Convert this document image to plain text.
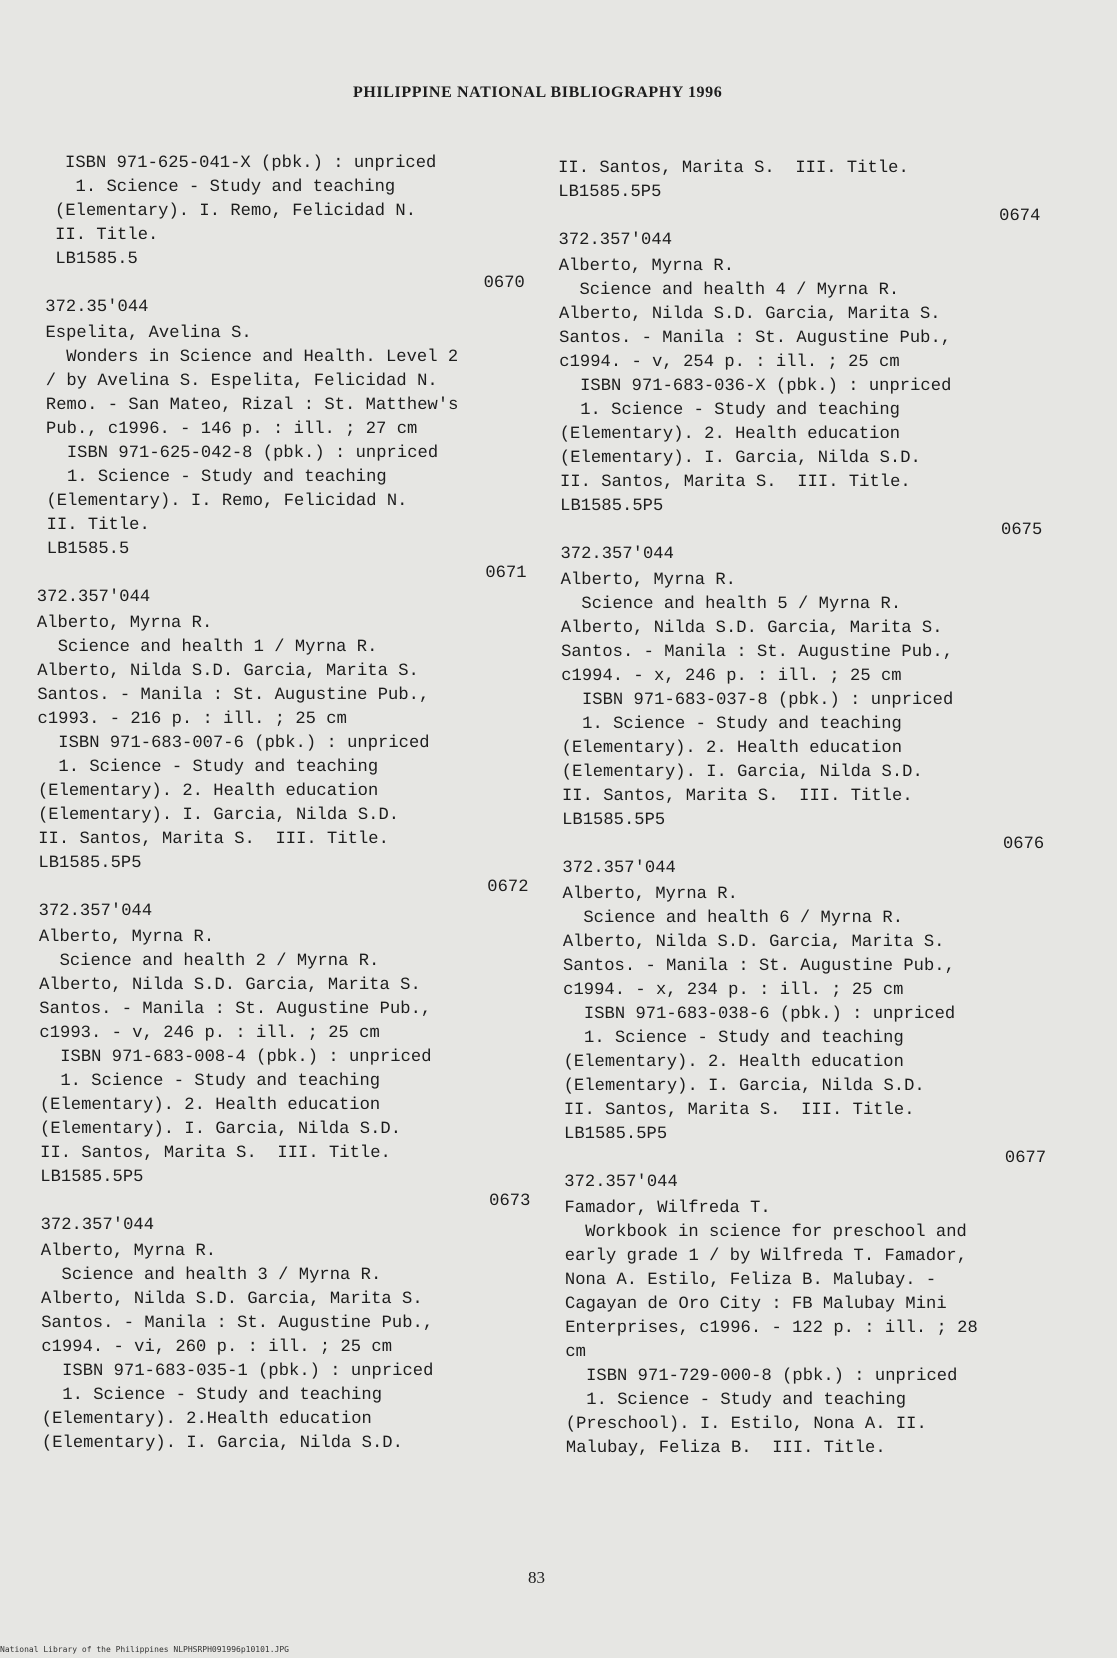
PHILIPPINE NATIONAL BIBLIOGRAPHY 1996
ISBN 971-625-041-X (pbk.) : unpriced
1. Science - Study and teaching
(Elementary). I. Remo, Felicidad N.
II. Title.
LB1585.5
0670
372.35'044
Espelita, Avelina S.
Wonders in Science and Health. Level 2
/ by Avelina S. Espelita, Felicidad N.
Remo. - San Mateo, Rizal : St. Matthew's
Pub., c1996. - 146 p. : ill. ; 27 cm
ISBN 971-625-042-8 (pbk.) : unpriced
1. Science - Study and teaching
(Elementary). I. Remo, Felicidad N.
II. Title.
LB1585.5
0671
372.357'044
Alberto, Myrna R.
Science and health 1 / Myrna R.
Alberto, Nilda S.D. Garcia, Marita S.
Santos. - Manila : St. Augustine Pub.,
c1993. - 216 p. : ill. ; 25 cm
ISBN 971-683-007-6 (pbk.) : unpriced
1. Science - Study and teaching
(Elementary). 2. Health education
(Elementary). I. Garcia, Nilda S.D.
II. Santos, Marita S.  III. Title.
LB1585.5P5
0672
372.357'044
Alberto, Myrna R.
Science and health 2 / Myrna R.
Alberto, Nilda S.D. Garcia, Marita S.
Santos. - Manila : St. Augustine Pub.,
c1993. - v, 246 p. : ill. ; 25 cm
ISBN 971-683-008-4 (pbk.) : unpriced
1. Science - Study and teaching
(Elementary). 2. Health education
(Elementary). I. Garcia, Nilda S.D.
II. Santos, Marita S.  III. Title.
LB1585.5P5
0673
372.357'044
Alberto, Myrna R.
Science and health 3 / Myrna R.
Alberto, Nilda S.D. Garcia, Marita S.
Santos. - Manila : St. Augustine Pub.,
c1994. - vi, 260 p. : ill. ; 25 cm
ISBN 971-683-035-1 (pbk.) : unpriced
1. Science - Study and teaching
(Elementary). 2.Health education
(Elementary). I. Garcia, Nilda S.D.
II. Santos, Marita S.  III. Title.
LB1585.5P5
0674
372.357'044
Alberto, Myrna R.
Science and health 4 / Myrna R.
Alberto, Nilda S.D. Garcia, Marita S.
Santos. - Manila : St. Augustine Pub.,
c1994. - v, 254 p. : ill. ; 25 cm
ISBN 971-683-036-X (pbk.) : unpriced
1. Science - Study and teaching
(Elementary). 2. Health education
(Elementary). I. Garcia, Nilda S.D.
II. Santos, Marita S.  III. Title.
LB1585.5P5
0675
372.357'044
Alberto, Myrna R.
Science and health 5 / Myrna R.
Alberto, Nilda S.D. Garcia, Marita S.
Santos. - Manila : St. Augustine Pub.,
c1994. - x, 246 p. : ill. ; 25 cm
ISBN 971-683-037-8 (pbk.) : unpriced
1. Science - Study and teaching
(Elementary). 2. Health education
(Elementary). I. Garcia, Nilda S.D.
II. Santos, Marita S.  III. Title.
LB1585.5P5
0676
372.357'044
Alberto, Myrna R.
Science and health 6 / Myrna R.
Alberto, Nilda S.D. Garcia, Marita S.
Santos. - Manila : St. Augustine Pub.,
c1994. - x, 234 p. : ill. ; 25 cm
ISBN 971-683-038-6 (pbk.) : unpriced
1. Science - Study and teaching
(Elementary). 2. Health education
(Elementary). I. Garcia, Nilda S.D.
II. Santos, Marita S.  III. Title.
LB1585.5P5
0677
372.357'044
Famador, Wilfreda T.
Workbook in science for preschool and
early grade 1 / by Wilfreda T. Famador,
Nona A. Estilo, Feliza B. Malubay. -
Cagayan de Oro City : FB Malubay Mini
Enterprises, c1996. - 122 p. : ill. ; 28
cm
ISBN 971-729-000-8 (pbk.) : unpriced
1. Science - Study and teaching
(Preschool). I. Estilo, Nona A. II.
Malubay, Feliza B.  III. Title.
83
National Library of the Philippines NLPHSRPH091996p10101.JPG
